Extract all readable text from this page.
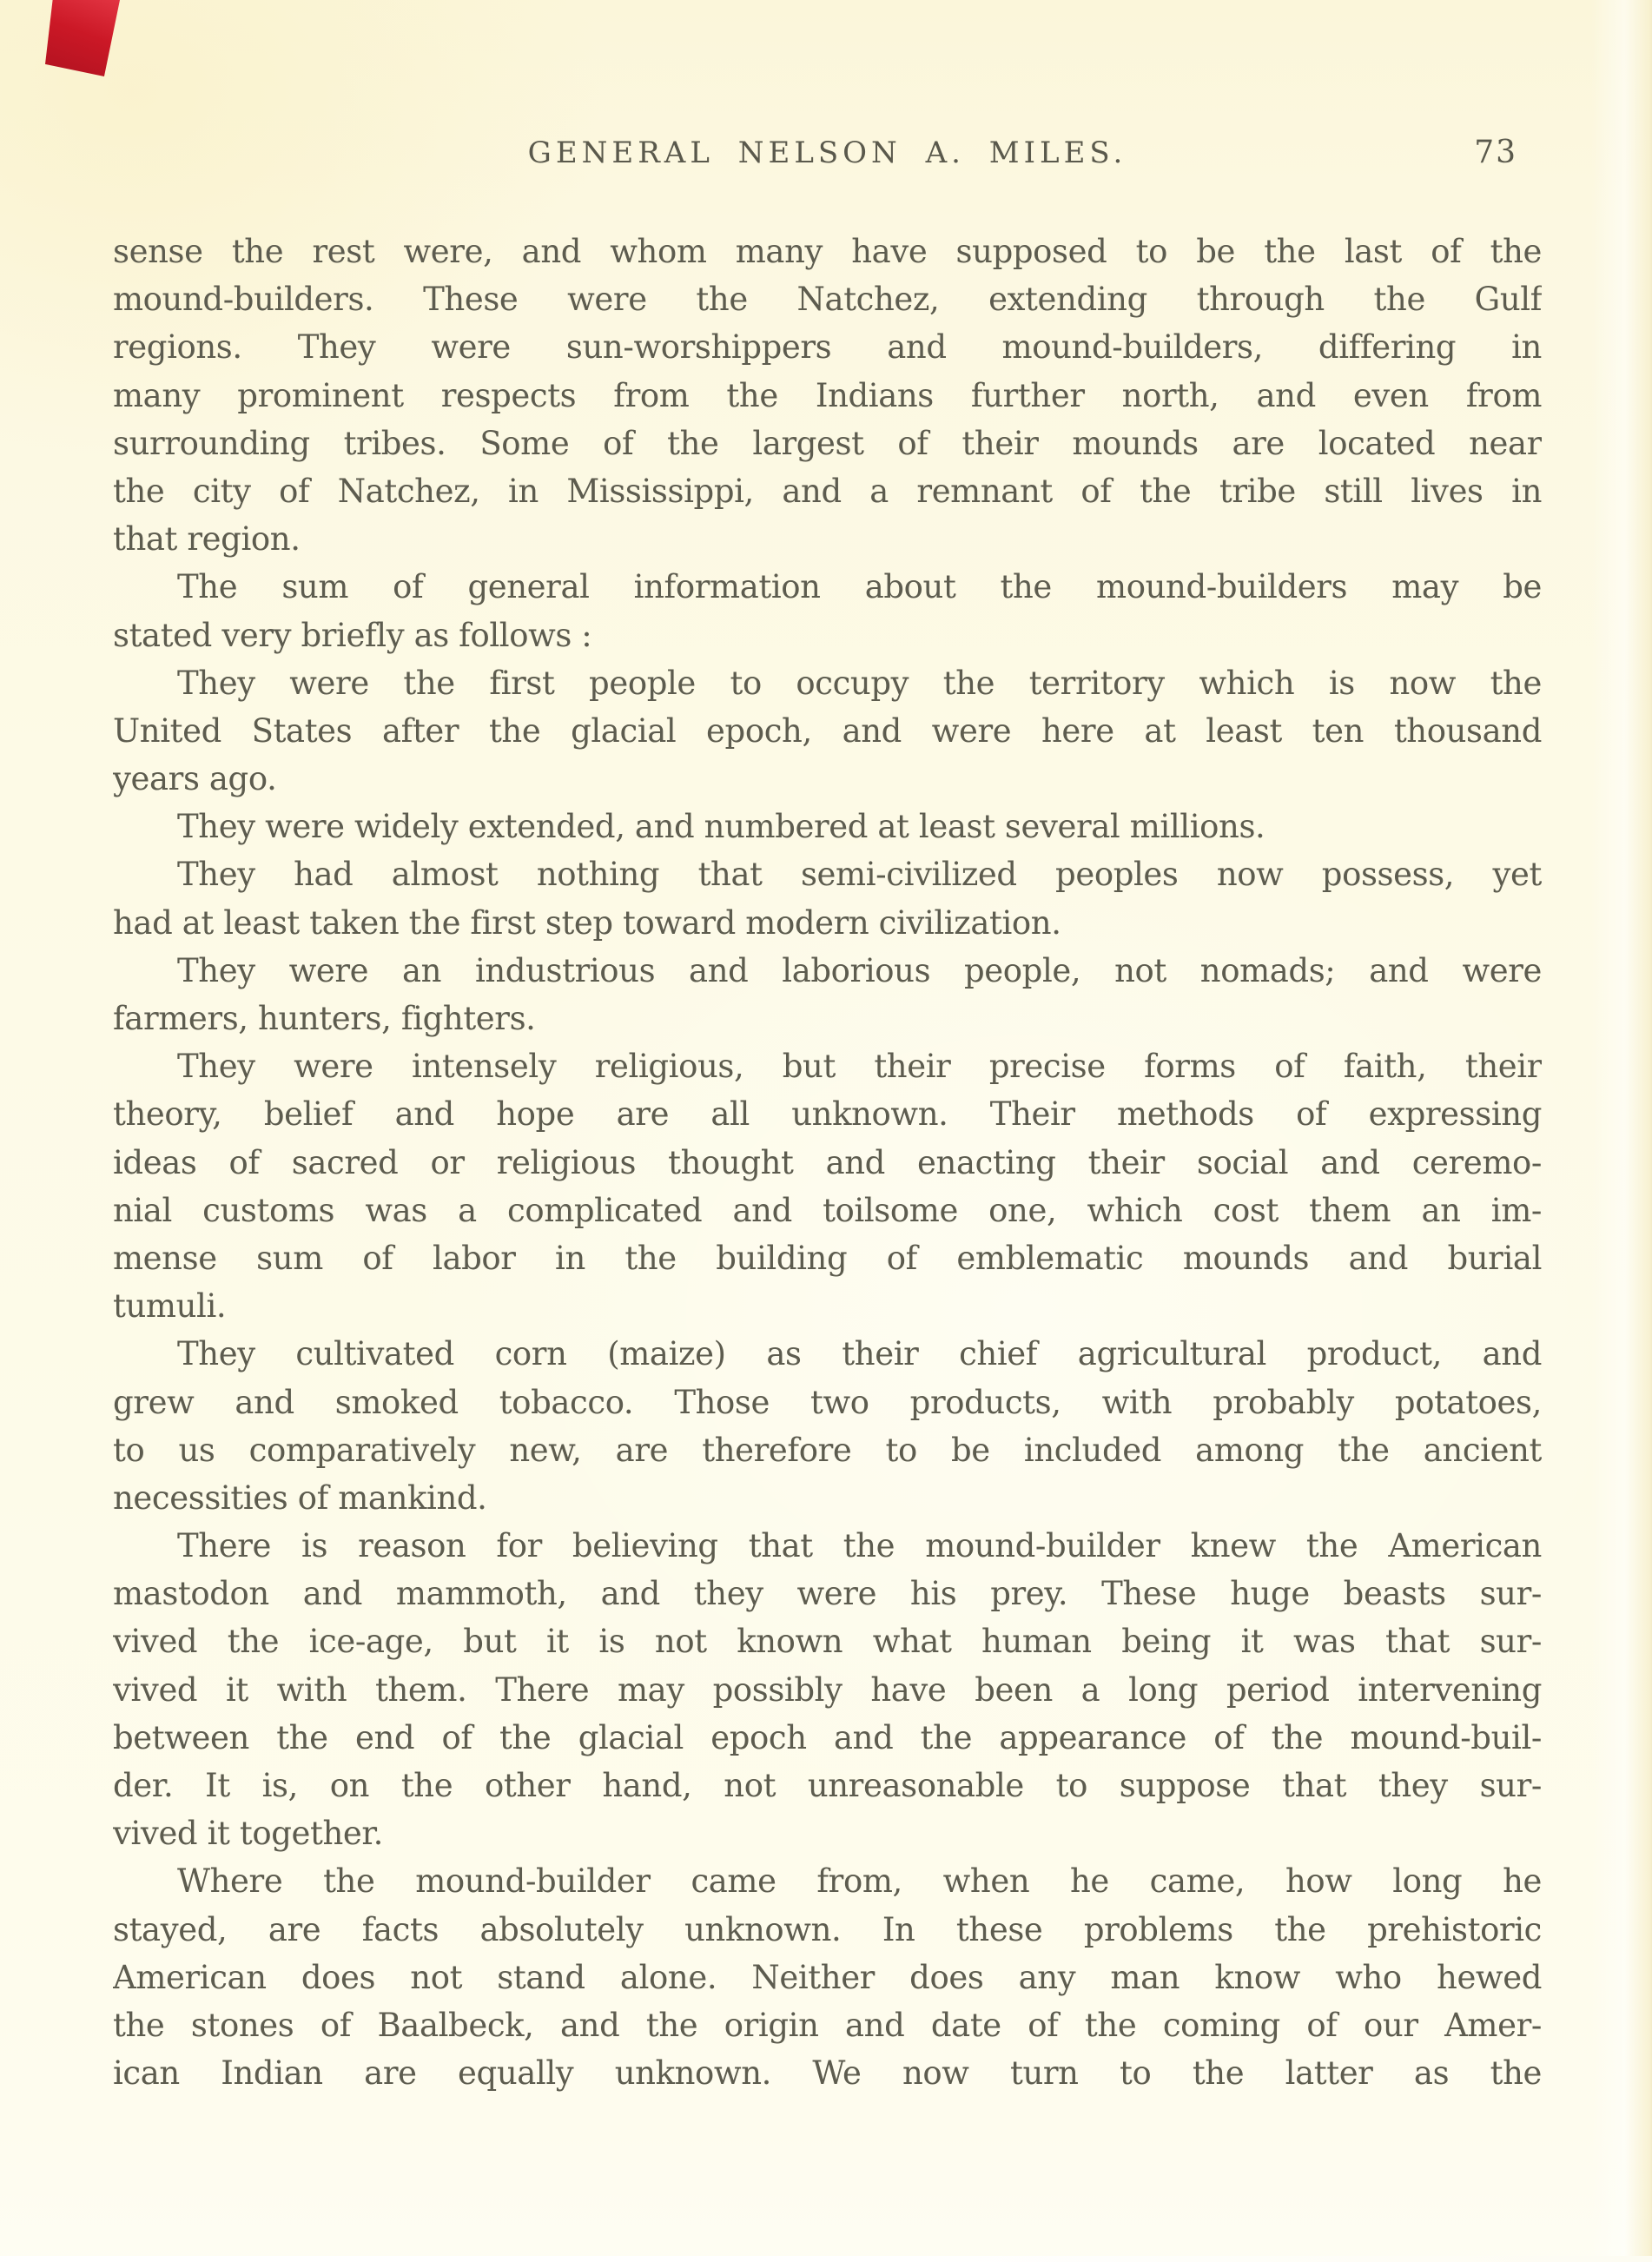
GENERAL NELSON A. MILES.	73
sense the rest were, and whom many have supposed to be the last of the
mound-builders. These were the Natchez, extending through the Gulf
regions. They were sun-worshippers and mound-builders, differing in
many prominent respects from the Indians further north, and even from
surrounding tribes. Some of the largest of their mounds are located near
the city of Natchez, in Mississippi, and a remnant of the tribe still lives in
that region.
The sum of general information about the mound-builders may be
stated very briefly as follows :
They were the first people to occupy the territory which is now the
United States after the glacial epoch, and were here at least ten thousand
years ago.
They were widely extended, and numbered at least several millions.
They had almost nothing that semi-civilized peoples now possess, yet
had at least taken the first step toward modern civilization.
They were an industrious and laborious people, not nomads; and were
farmers, hunters, fighters.
They were intensely religious, but their precise forms of faith, their
theory, belief and hope are all unknown. Their methods of expressing
ideas of sacred or religious thought and enacting their social and ceremo-
nial customs was a complicated and toilsome one, which cost them an im-
mense sum of labor in the building of emblematic mounds and burial
tumuli.
They cultivated corn (maize) as their chief agricultural product, and
grew and smoked tobacco. Those two products, with probably potatoes,
to us comparatively new, are therefore to be included among the ancient
necessities of mankind.
There is reason for believing that the mound-builder knew the American
mastodon and mammoth, and they were his prey. These huge beasts sur-
vived the ice-age, but it is not known what human being it was that sur-
vived it with them. There may possibly have been a long period intervening
between the end of the glacial epoch and the appearance of the mound-buil-
der. It is, on the other hand, not unreasonable to suppose that they sur-
vived it together.
Where the mound-builder came from, when he came, how long he
stayed, are facts absolutely unknown. In these problems the prehistoric
American does not stand alone. Neither does any man know who hewed
the stones of Baalbeck, and the origin and date of the coming of our Amer-
ican Indian are equally unknown. We now turn to the latter as the
